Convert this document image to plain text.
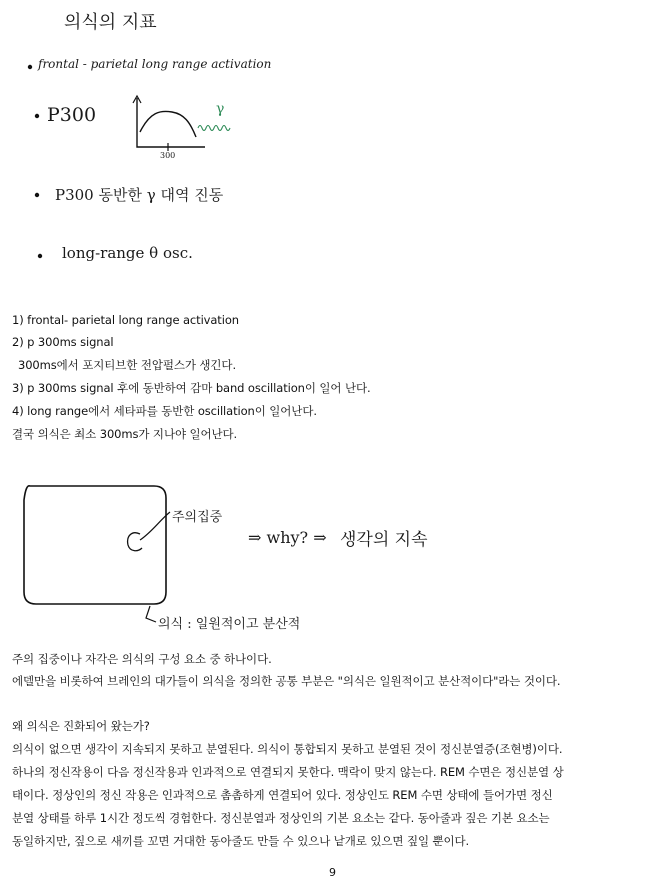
의식의 지표
frontal - parietal long range activation
P300
300
γ
P300 동반한 γ 대역 진동
long-range θ osc.
1) frontal- parietal long range activation
2) p 300ms signal
300ms에서 포지티브한 전압펄스가 생긴다.
3) p 300ms signal 후에 동반하여 감마 band oscillation이 일어 난다.
4) long range에서 세타파를 동반한 oscillation이 일어난다.
결국 의식은 최소 300ms가 지나야 일어난다.
주의집중
⇒ why? ⇒ 생각의 지속
의식 : 일원적이고 분산적
주의 집중이나 자각은 의식의 구성 요소 중 하나이다.
에델만을 비롯하여 브레인의 대가들이 의식을 정의한 공통 부분은 "의식은 일원적이고 분산적이다"라는 것이다.
왜 의식은 진화되어 왔는가?
의식이 없으면 생각이 지속되지 못하고 분열된다. 의식이 통합되지 못하고 분열된 것이 정신분열증(조현병)이다.
하나의 정신작용이 다음 정신작용과 인과적으로 연결되지 못한다. 맥락이 맞지 않는다. REM 수면은 정신분열 상
태이다. 정상인의 정신 작용은 인과적으로 촘촘하게 연결되어 있다. 정상인도 REM 수면 상태에 들어가면 정신
분열 상태를 하루 1시간 정도씩 경험한다. 정신분열과 정상인의 기본 요소는 같다. 동아줄과 짚은 기본 요소는
동일하지만, 짚으로 새끼를 꼬면 거대한 동아줄도 만들 수 있으나 낱개로 있으면 짚일 뿐이다.
9
